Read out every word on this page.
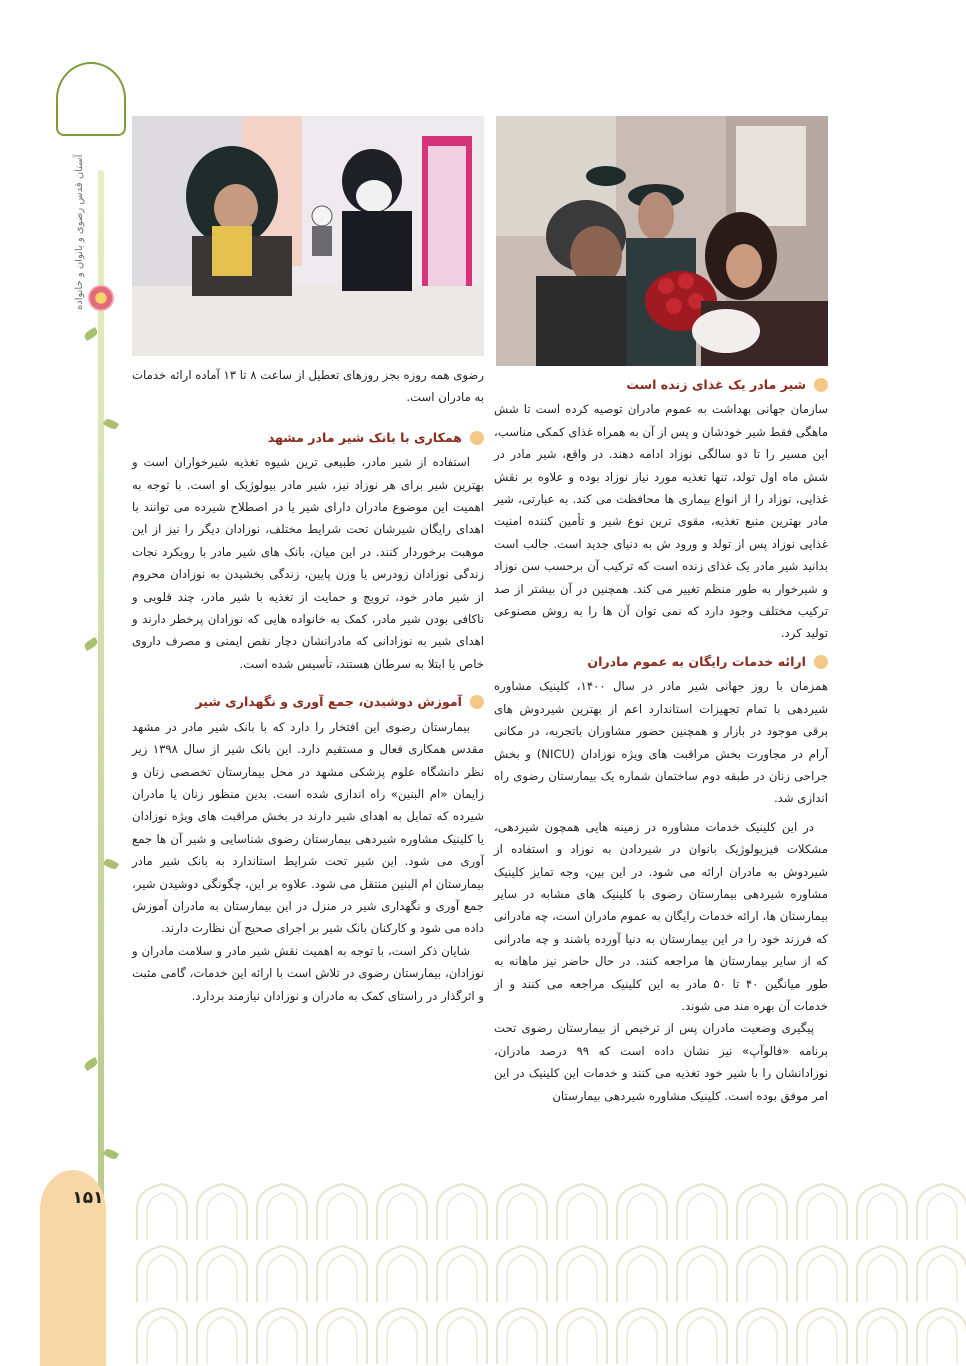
آستان قدس رضوی و بانوان و خانواده
۱۵۱
شیر مادر یک غذای زنده است

سازمان جهانی بهداشت به عموم مادران توصیه کرده است تا شش ماهگی فقط شیر خودشان و پس از آن به همراه غذای کمکی مناسب، این مسیر را تا دو سالگی نوزاد ادامه دهند. در واقع، شیر مادر در شش ماه اول تولد، تنها تغذیه مورد نیاز نوزاد بوده و علاوه بر نقش غذایی، نوزاد را از انواع بیماری ها محافظت می کند. به عبارتی، شیر مادر بهترین منبع تغذیه، مقوی ترین نوع شیر و تأمین کننده امنیت غذایی نوزاد پس از تولد و ورود ش به دنیای جدید است. جالب است بدانید شیر مادر یک غذای زنده است که ترکیب آن برحسب سن نوزاد و شیرخوار به طور منظم تغییر می کند. همچنین در آن بیشتر از صد ترکیب مختلف وجود دارد که نمی توان آن ها را به روش مصنوعی تولید کرد.

ارائه خدمات رایگان به عموم مادران

همزمان با روز جهانی شیر مادر در سال ۱۴۰۰، کلینیک مشاوره شیردهی با تمام تجهیزات استاندارد اعم از بهترین شیردوش های برقی موجود در بازار و همچنین حضور مشاوران باتجربه، در مکانی آرام در مجاورت بخش مراقبت های ویژه نوزادان (NICU) و بخش جراحی زنان در طبقه دوم ساختمان شماره یک بیمارستان رضوی راه اندازی شد.

در این کلینیک خدمات مشاوره در زمینه هایی همچون شیردهی، مشکلات فیزیولوژیک بانوان در شیردادن به نوزاد و استفاده از شیردوش به مادران ارائه می شود. در این بین، وجه تمایز کلینیک مشاوره شیردهی بیمارستان رضوی با کلینیک های مشابه در سایر بیمارستان ها، ارائه خدمات رایگان به عموم مادران است، چه مادرانی که فرزند خود را در این بیمارستان به دنیا آورده باشند و چه مادرانی که از سایر بیمارستان ها مراجعه کنند. در حال حاضر نیز ماهانه به طور میانگین ۴۰ تا ۵۰ مادر به این کلینیک مراجعه می کنند و از خدمات آن بهره مند می شوند.

پیگیری وضعیت مادران پس از ترخیص از بیمارستان رضوی تحت برنامه «فالوآپ» نیز نشان داده است که ۹۹ درصد مادران، نوزادانشان را با شیر خود تغذیه می کنند و خدمات این کلینیک در این امر موفق بوده است. کلینیک مشاوره شیردهی بیمارستان

رضوی همه روزه بجز روزهای تعطیل از ساعت ۸ تا ۱۳ آماده ارائه خدمات به مادران است.

همکاری با بانک شیر مادر مشهد

استفاده از شیر مادر، طبیعی ترین شیوه تغذیه شیرخواران است و بهترین شیر برای هر نوزاد نیز، شیر مادر بیولوژیک او است. با توجه به اهمیت این موضوع مادران دارای شیر یا در اصطلاح شیرده می توانند با اهدای رایگان شیرشان تحت شرایط مختلف، نوزادان دیگر را نیز از این موهبت برخوردار کنند. در این میان، بانک های شیر مادر با رویکرد نجات زندگی نوزادان زودرس یا وزن پایین، زندگی بخشیدن به نوزادان محروم از شیر مادر خود، ترویج و حمایت از تغذیه با شیر مادر، چند قلویی و ناکافی بودن شیر مادر، کمک به خانواده هایی که نوزادان پرخطر دارند و اهدای شیر به نوزادانی که مادرانشان دچار نقص ایمنی و مصرف داروی خاص یا ابتلا به سرطان هستند، تأسیس شده است.

آموزش دوشیدن، جمع آوری و نگهداری شیر

بیمارستان رضوی این افتخار را دارد که با بانک شیر مادر در مشهد مقدس همکاری فعال و مستقیم دارد. این بانک شیر از سال ۱۳۹۸ زیر نظر دانشگاه علوم پزشکی مشهد در محل بیمارستان تخصصی زنان و زایمان «ام البنین» راه اندازی شده است. بدین منظور زنان یا مادران شیرده که تمایل به اهدای شیر دارند در بخش مراقبت های ویژه نوزادان یا کلینیک مشاوره شیردهی بیمارستان رضوی شناسایی و شیر آن ها جمع آوری می شود. این شیر تحت شرایط استاندارد به بانک شیر مادر بیمارستان ام البنین منتقل می شود. علاوه بر این، چگونگی دوشیدن شیر، جمع آوری و نگهداری شیر در منزل در این بیمارستان به مادران آموزش داده می شود و کارکنان بانک شیر بر اجرای صحیح آن نظارت دارند.

شایان ذکر است، با توجه به اهمیت نقش شیر مادر و سلامت مادران و نوزادان، بیمارستان رضوی در تلاش است با ارائه این خدمات، گامی مثبت و اثرگذار در راستای کمک به مادران و نوزادان نیازمند بردارد.
